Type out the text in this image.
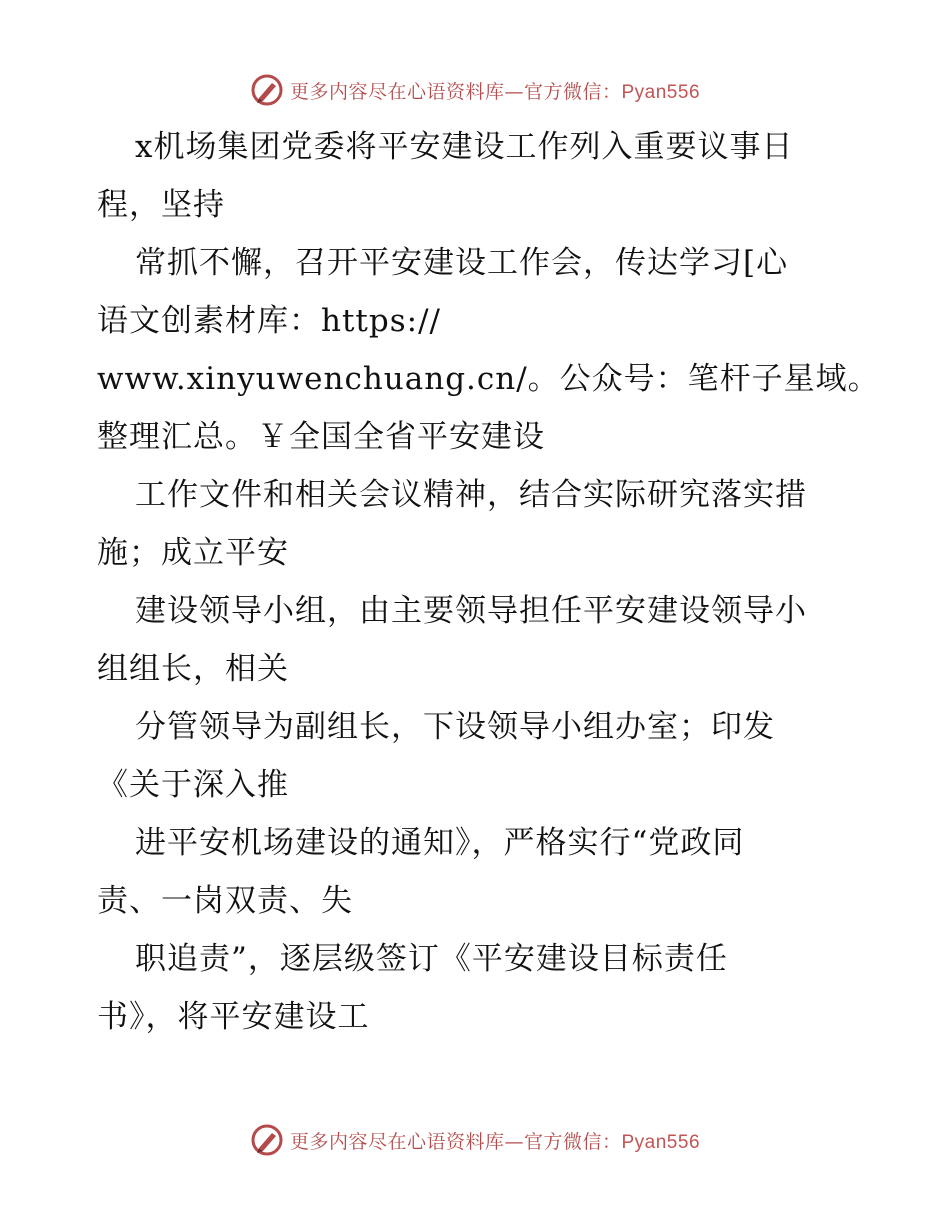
更多内容尽在心语资料库—官方微信：Pyan556
x机场集团党委将平安建设工作列入重要议事日
程，坚持
常抓不懈，召开平安建设工作会，传达学习[心
语文创素材库：https://
www.xinyuwenchuang.cn/。公众号：笔杆子星域。
整理汇总。￥全国全省平安建设
工作文件和相关会议精神，结合实际研究落实措
施；成立平安
建设领导小组，由主要领导担任平安建设领导小
组组长，相关
分管领导为副组长，下设领导小组办室；印发
《关于深入推
进平安机场建设的通知》，严格实行“党政同
责、一岗双责、失
职追责”，逐层级签订《平安建设目标责任
书》，将平安建设工
更多内容尽在心语资料库—官方微信：Pyan556
